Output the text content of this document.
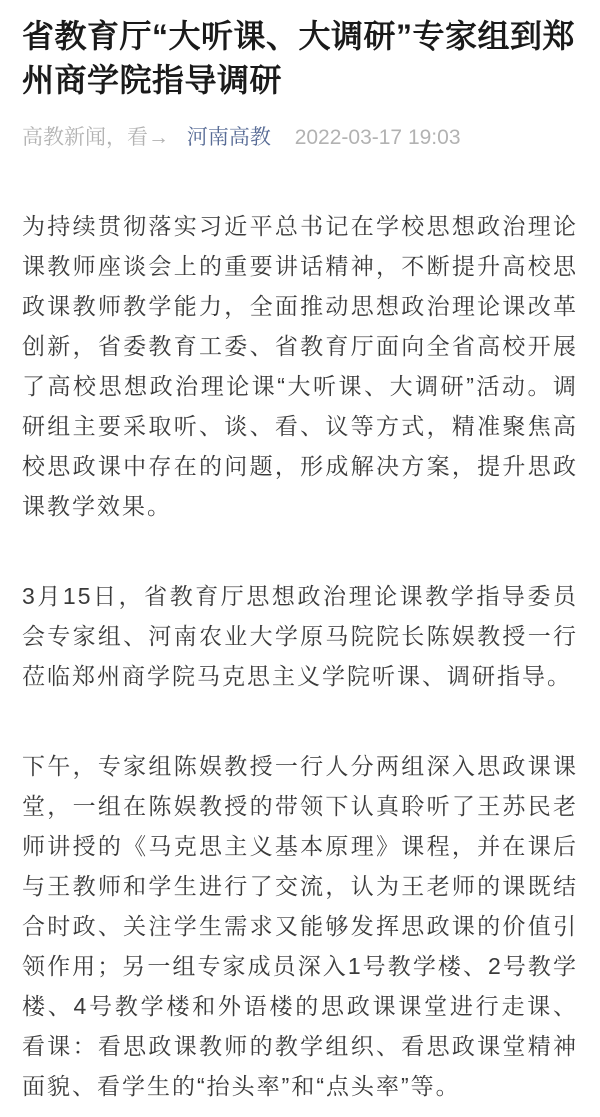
省教育厅“大听课、大调研”专家组到郑州商学院指导调研
高教新闻，看→ 河南高教 2022-03-17 19:03

为持续贯彻落实习近平总书记在学校思想政治理论课教师座谈会上的重要讲话精神，不断提升高校思政课教师教学能力，全面推动思想政治理论课改革创新，省委教育工委、省教育厅面向全省高校开展了高校思想政治理论课“大听课、大调研”活动。调研组主要采取听、谈、看、议等方式，精准聚焦高校思政课中存在的问题，形成解决方案，提升思政课教学效果。

3月15日，省教育厅思想政治理论课教学指导委员会专家组、河南农业大学原马院院长陈娱教授一行莅临郑州商学院马克思主义学院听课、调研指导。

下午，专家组陈娱教授一行人分两组深入思政课课堂，一组在陈娱教授的带领下认真聆听了王苏民老师讲授的《马克思主义基本原理》课程，并在课后与王教师和学生进行了交流，认为王老师的课既结合时政、关注学生需求又能够发挥思政课的价值引领作用；另一组专家成员深入1号教学楼、2号教学楼、4号教学楼和外语楼的思政课课堂进行走课、看课：看思政课教师的教学组织、看思政课堂精神面貌、看学生的“抬头率”和“点头率”等。
